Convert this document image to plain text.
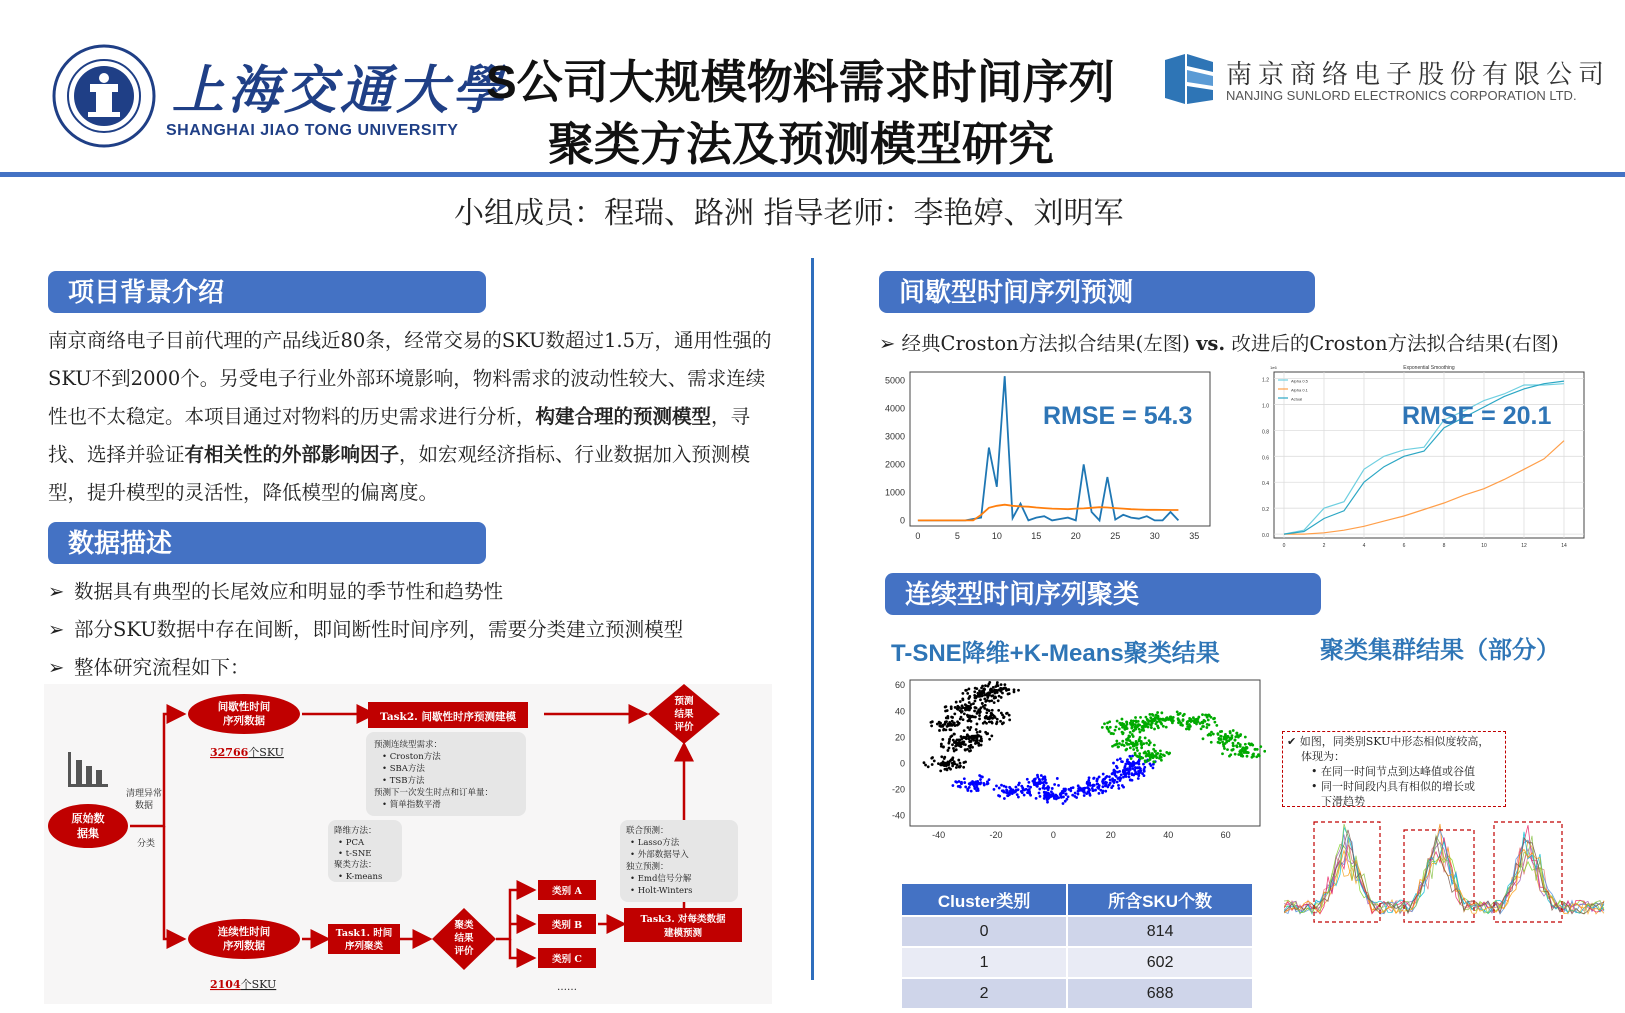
上海交通大學
SHANGHAI JIAO TONG UNIVERSITY
S公司大规模物料需求时间序列
聚类方法及预测模型研究
南京商络电子股份有限公司
NANJING SUNLORD ELECTRONICS CORPORATION LTD.
小组成员：程瑞、路洲 指导老师：李艳婷、刘明军
项目背景介绍
南京商络电子目前代理的产品线近80条，经常交易的SKU数超过1.5万，通用性强的SKU不到2000个。另受电子行业外部环境影响，物料需求的波动性较大、需求连续性也不太稳定。本项目通过对物料的历史需求进行分析，构建合理的预测模型，寻找、选择并验证有相关性的外部影响因子，如宏观经济指标、行业数据加入预测模型，提升模型的灵活性，降低模型的偏离度。
数据描述
➢ 数据具有典型的长尾效应和明显的季节性和趋势性
➢ 部分SKU数据中存在间断，即间断性时间序列，需要分类建立预测模型
➢ 整体研究流程如下：
原始数
据集
清理异常
数据
分类
间歇性时间
序列数据
32766个SKU
连续性时间
序列数据
2104个SKU
Task2. 间歇性时序预测建模
预测连续型需求：
• Croston方法
• SBA方法
• TSB方法
预测下一次发生时点和订单量：
• 简单指数平滑
预测
结果
评价
降维方法：
• PCA
• t-SNE
聚类方法：
• K-means
Task1. 时间
序列聚类
聚类
结果
评价
类别 A
类别 B
类别 C
……
联合预测：
• Lasso方法
• 外部数据导入
独立预测：
• Emd信号分解
• Holt-Winters
Task3. 对每类数据
建模预测
间歇型时间序列预测
➢ 经典Croston方法拟合结果(左图) vs. 改进后的Croston方法拟合结果(右图)
0
1000
2000
3000
4000
5000
0	5	10	15	20	25	30	35
RMSE = 54.3
0.0
0.2
0.4
0.6
0.8
1.0
1.2
0	2	4	6	8	10	12	14
Exponential Smoothing
1e6
Alpha 0.5
Alpha 0.1
Actual
RMSE = 20.1
连续型时间序列聚类
T-SNE降维+K-Means聚类结果	聚类集群结果（部分）
-40
-20
0
20
40
60
-40	-20	0	20	40	60
Cluster类别	所含SKU个数
0	814
1	602
2	688
✔ 如图，同类别SKU中形态相似度较高，
体现为：
• 在同一时间节点到达峰值或谷值
• 同一时间段内具有相似的增长或
下滑趋势
